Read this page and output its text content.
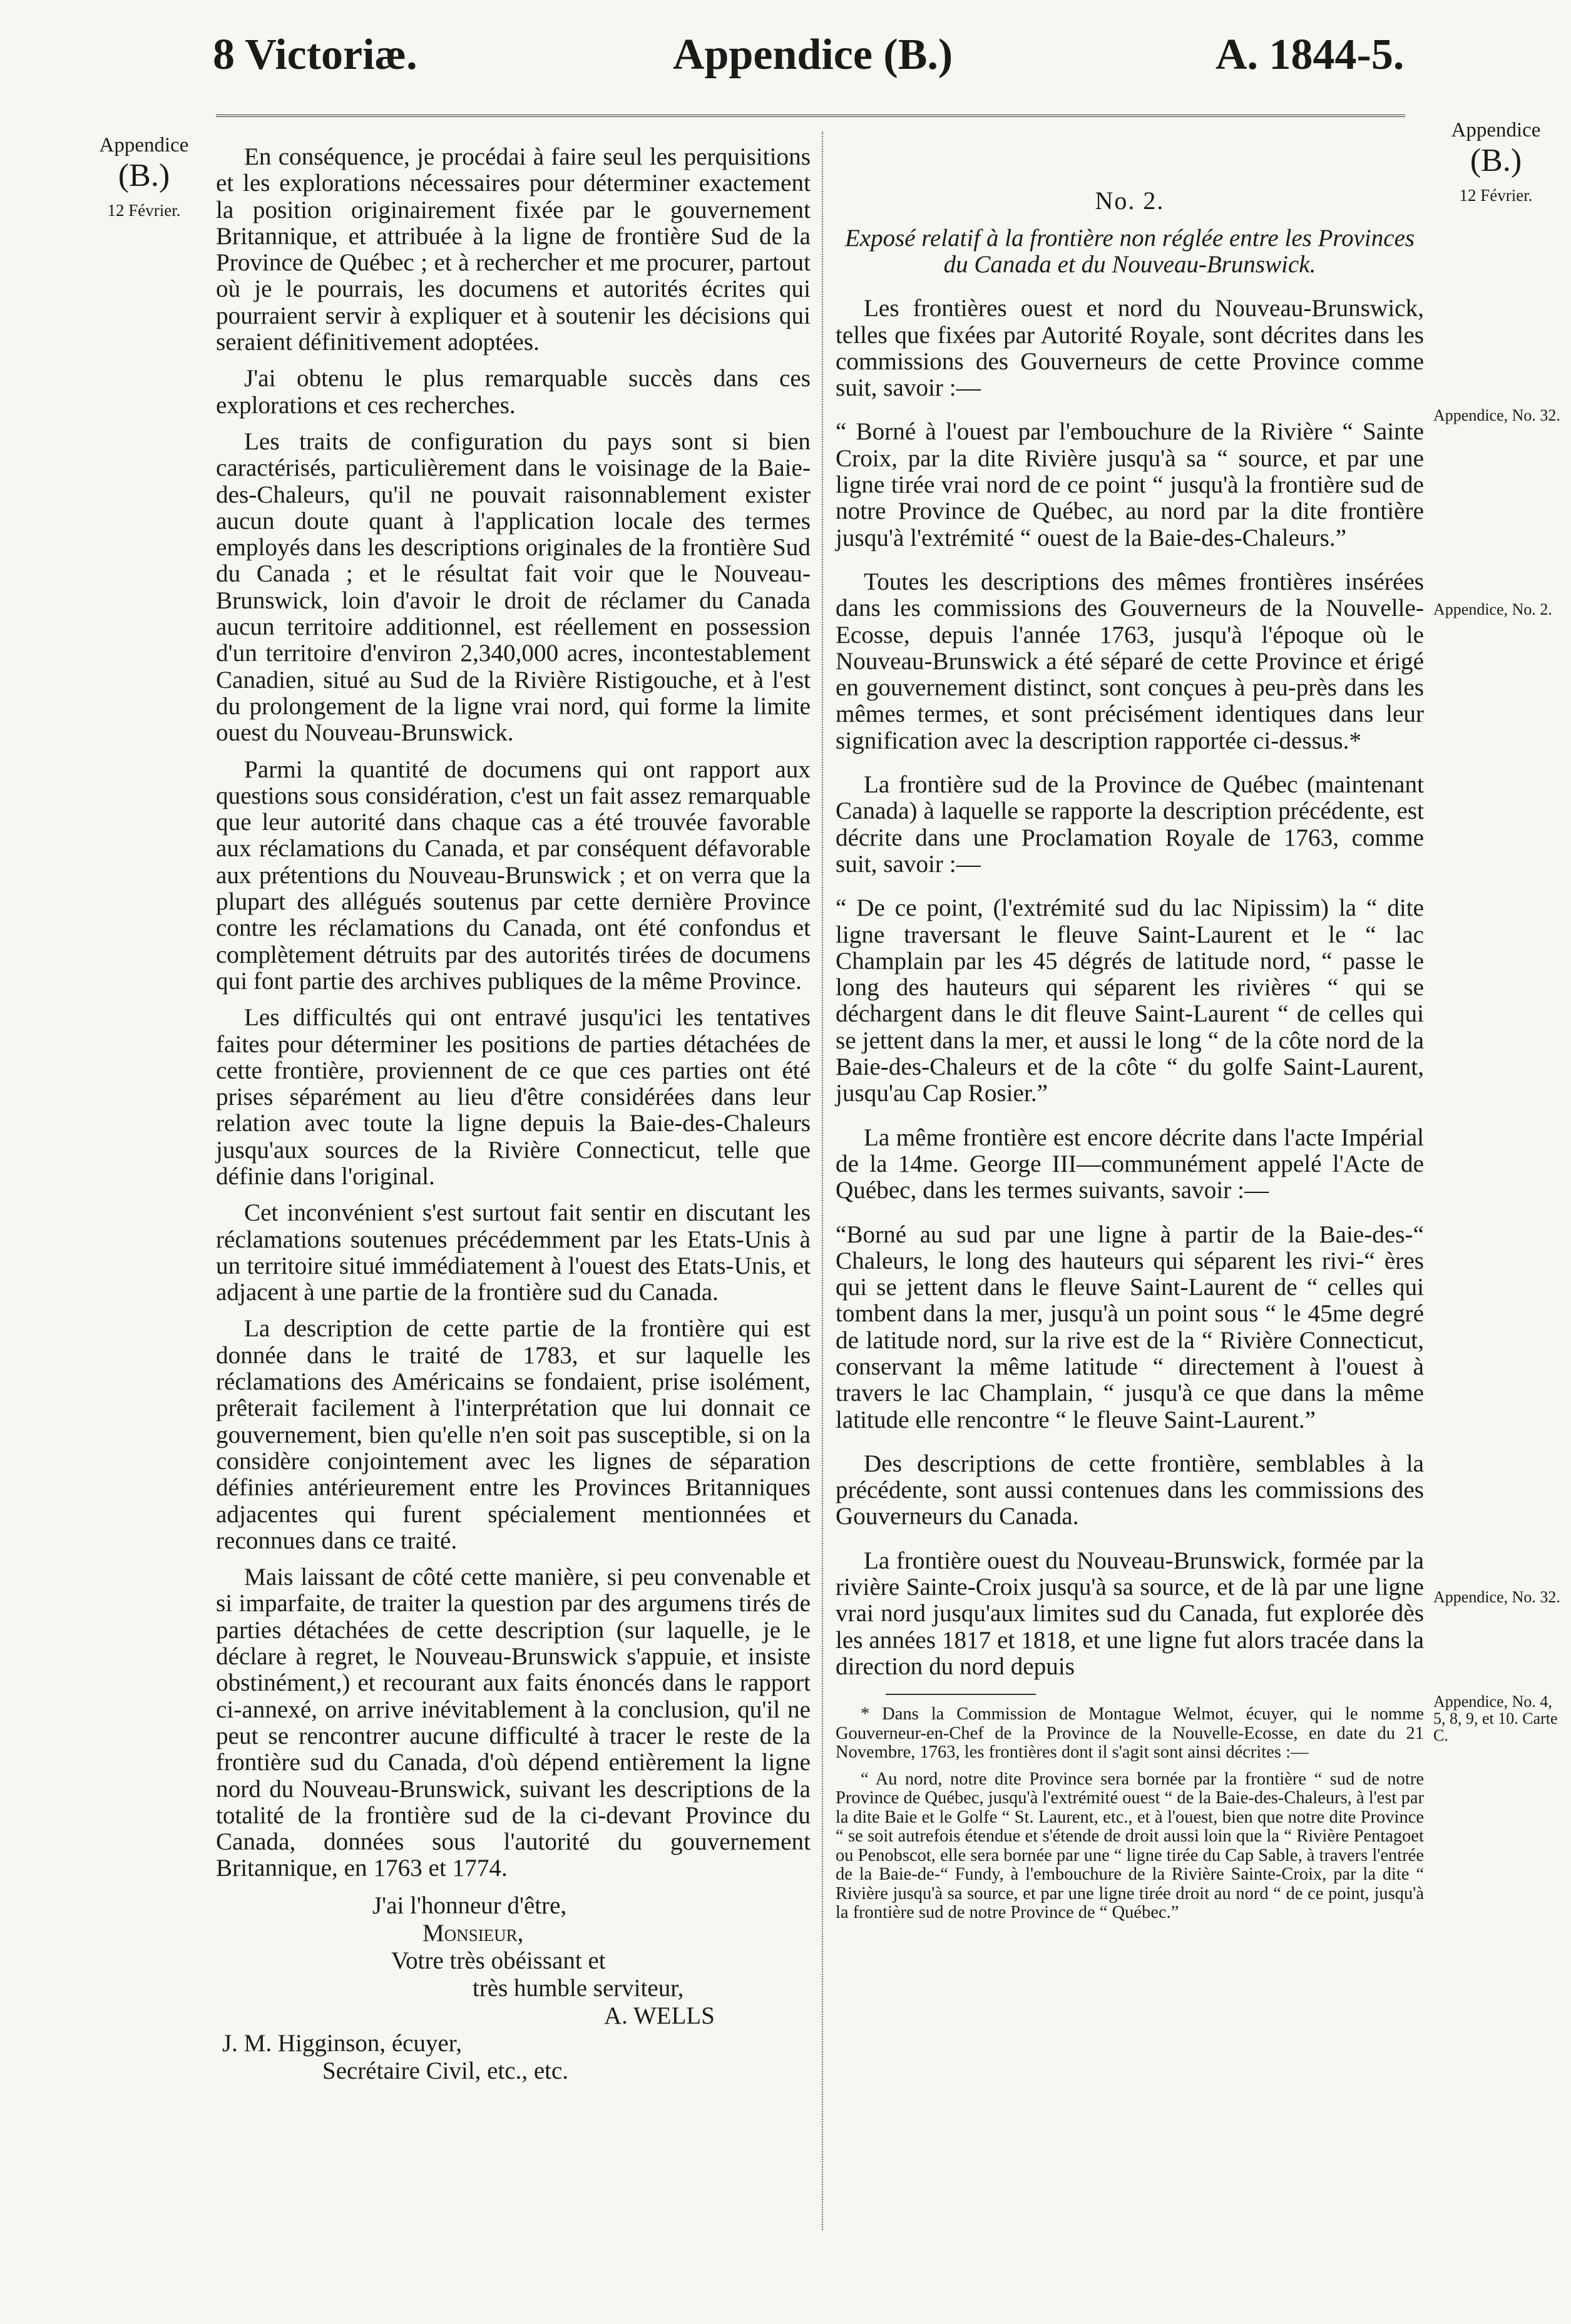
8 Victoriæ.	Appendice (B.)	A. 1844-5.
Appendice
(B.)
12 Février.
Appendice
(B.)
12 Février.

En conséquence, je procédai à faire seul les perquisitions et les explorations nécessaires pour déterminer exactement la position originairement fixée par le gouvernement Britannique, et attribuée à la ligne de frontière Sud de la Province de Québec ; et à rechercher et me procurer, partout où je le pourrais, les documens et autorités écrites qui pourraient servir à expliquer et à soutenir les décisions qui seraient définitivement adoptées.

J'ai obtenu le plus remarquable succès dans ces explorations et ces recherches.

Les traits de configuration du pays sont si bien caractérisés, particulièrement dans le voisinage de la Baie-des-Chaleurs, qu'il ne pouvait raisonnablement exister aucun doute quant à l'application locale des termes employés dans les descriptions originales de la frontière Sud du Canada ; et le résultat fait voir que le Nouveau-Brunswick, loin d'avoir le droit de réclamer du Canada aucun territoire additionnel, est réellement en possession d'un territoire d'environ 2,340,000 acres, incontestablement Canadien, situé au Sud de la Rivière Ristigouche, et à l'est du prolongement de la ligne vrai nord, qui forme la limite ouest du Nouveau-Brunswick.

Parmi la quantité de documens qui ont rapport aux questions sous considération, c'est un fait assez remarquable que leur autorité dans chaque cas a été trouvée favorable aux réclamations du Canada, et par conséquent défavorable aux prétentions du Nouveau-Brunswick ; et on verra que la plupart des allégués soutenus par cette dernière Province contre les réclamations du Canada, ont été confondus et complètement détruits par des autorités tirées de documens qui font partie des archives publiques de la même Province.

Les difficultés qui ont entravé jusqu'ici les tentatives faites pour déterminer les positions de parties détachées de cette frontière, proviennent de ce que ces parties ont été prises séparément au lieu d'être considérées dans leur relation avec toute la ligne depuis la Baie-des-Chaleurs jusqu'aux sources de la Rivière Connecticut, telle que définie dans l'original.

Cet inconvénient s'est surtout fait sentir en discutant les réclamations soutenues précédemment par les Etats-Unis à un territoire situé immédiatement à l'ouest des Etats-Unis, et adjacent à une partie de la frontière sud du Canada.

La description de cette partie de la frontière qui est donnée dans le traité de 1783, et sur laquelle les réclamations des Américains se fondaient, prise isolément, prêterait facilement à l'interprétation que lui donnait ce gouvernement, bien qu'elle n'en soit pas susceptible, si on la considère conjointement avec les lignes de séparation définies antérieurement entre les Provinces Britanniques adjacentes qui furent spécialement mentionnées et reconnues dans ce traité.

Mais laissant de côté cette manière, si peu convenable et si imparfaite, de traiter la question par des argumens tirés de parties détachées de cette description (sur laquelle, je le déclare à regret, le Nouveau-Brunswick s'appuie, et insiste obstinément,) et recourant aux faits énoncés dans le rapport ci-annexé, on arrive inévitablement à la conclusion, qu'il ne peut se rencontrer aucune difficulté à tracer le reste de la frontière sud du Canada, d'où dépend entièrement la ligne nord du Nouveau-Brunswick, suivant les descriptions de la totalité de la frontière sud de la ci-devant Province du Canada, données sous l'autorité du gouvernement Britannique, en 1763 et 1774.

J'ai l'honneur d'être,
Monsieur,
Votre très obéissant et
très humble serviteur,
A. WELLS
J. M. Higginson, écuyer,
Secrétaire Civil, etc., etc.
No. 2.
Exposé relatif à la frontière non réglée entre les Provinces du Canada et du Nouveau-Brunswick.

Les frontières ouest et nord du Nouveau-Brunswick, telles que fixées par Autorité Royale, sont décrites dans les commissions des Gouverneurs de cette Province comme suit, savoir :—

“ Borné à l'ouest par l'embouchure de la Rivière “ Sainte Croix, par la dite Rivière jusqu'à sa “ source, et par une ligne tirée vrai nord de ce point “ jusqu'à la frontière sud de notre Province de Québec, au nord par la dite frontière jusqu'à l'extrémité “ ouest de la Baie-des-Chaleurs.”

Toutes les descriptions des mêmes frontières insérées dans les commissions des Gouverneurs de la Nouvelle-Ecosse, depuis l'année 1763, jusqu'à l'époque où le Nouveau-Brunswick a été séparé de cette Province et érigé en gouvernement distinct, sont conçues à peu-près dans les mêmes termes, et sont précisément identiques dans leur signification avec la description rapportée ci-dessus.*

La frontière sud de la Province de Québec (maintenant Canada) à laquelle se rapporte la description précédente, est décrite dans une Proclamation Royale de 1763, comme suit, savoir :—

“ De ce point, (l'extrémité sud du lac Nipissim) la “ dite ligne traversant le fleuve Saint-Laurent et le “ lac Champlain par les 45 dégrés de latitude nord, “ passe le long des hauteurs qui séparent les rivières “ qui se déchargent dans le dit fleuve Saint-Laurent “ de celles qui se jettent dans la mer, et aussi le long “ de la côte nord de la Baie-des-Chaleurs et de la côte “ du golfe Saint-Laurent, jusqu'au Cap Rosier.”

La même frontière est encore décrite dans l'acte Impérial de la 14me. George III—communément appelé l'Acte de Québec, dans les termes suivants, savoir :—

“Borné au sud par une ligne à partir de la Baie-des-“ Chaleurs, le long des hauteurs qui séparent les rivi-“ ères qui se jettent dans le fleuve Saint-Laurent de “ celles qui tombent dans la mer, jusqu'à un point sous “ le 45me degré de latitude nord, sur la rive est de la “ Rivière Connecticut, conservant la même latitude “ directement à l'ouest à travers le lac Champlain, “ jusqu'à ce que dans la même latitude elle rencontre “ le fleuve Saint-Laurent.”

Des descriptions de cette frontière, semblables à la précédente, sont aussi contenues dans les commissions des Gouverneurs du Canada.

La frontière ouest du Nouveau-Brunswick, formée par la rivière Sainte-Croix jusqu'à sa source, et de là par une ligne vrai nord jusqu'aux limites sud du Canada, fut explorée dès les années 1817 et 1818, et une ligne fut alors tracée dans la direction du nord depuis

* Dans la Commission de Montague Welmot, écuyer, qui le nomme Gouverneur-en-Chef de la Province de la Nouvelle-Ecosse, en date du 21 Novembre, 1763, les frontières dont il s'agit sont ainsi décrites :—

“ Au nord, notre dite Province sera bornée par la frontière “ sud de notre Province de Québec, jusqu'à l'extrémité ouest “ de la Baie-des-Chaleurs, à l'est par la dite Baie et le Golfe “ St. Laurent, etc., et à l'ouest, bien que notre dite Province “ se soit autrefois étendue et s'étende de droit aussi loin que la “ Rivière Pentagoet ou Penobscot, elle sera bornée par une “ ligne tirée du Cap Sable, à travers l'entrée de la Baie-de-“ Fundy, à l'embouchure de la Rivière Sainte-Croix, par la dite “ Rivière jusqu'à sa source, et par une ligne tirée droit au nord “ de ce point, jusqu'à la frontière sud de notre Province de “ Québec.”

Appendice, No. 32.
Appendice, No. 2.
Appendice, No. 32.
Appendice, No. 4, 5, 8, 9, et 10. Carte C.
